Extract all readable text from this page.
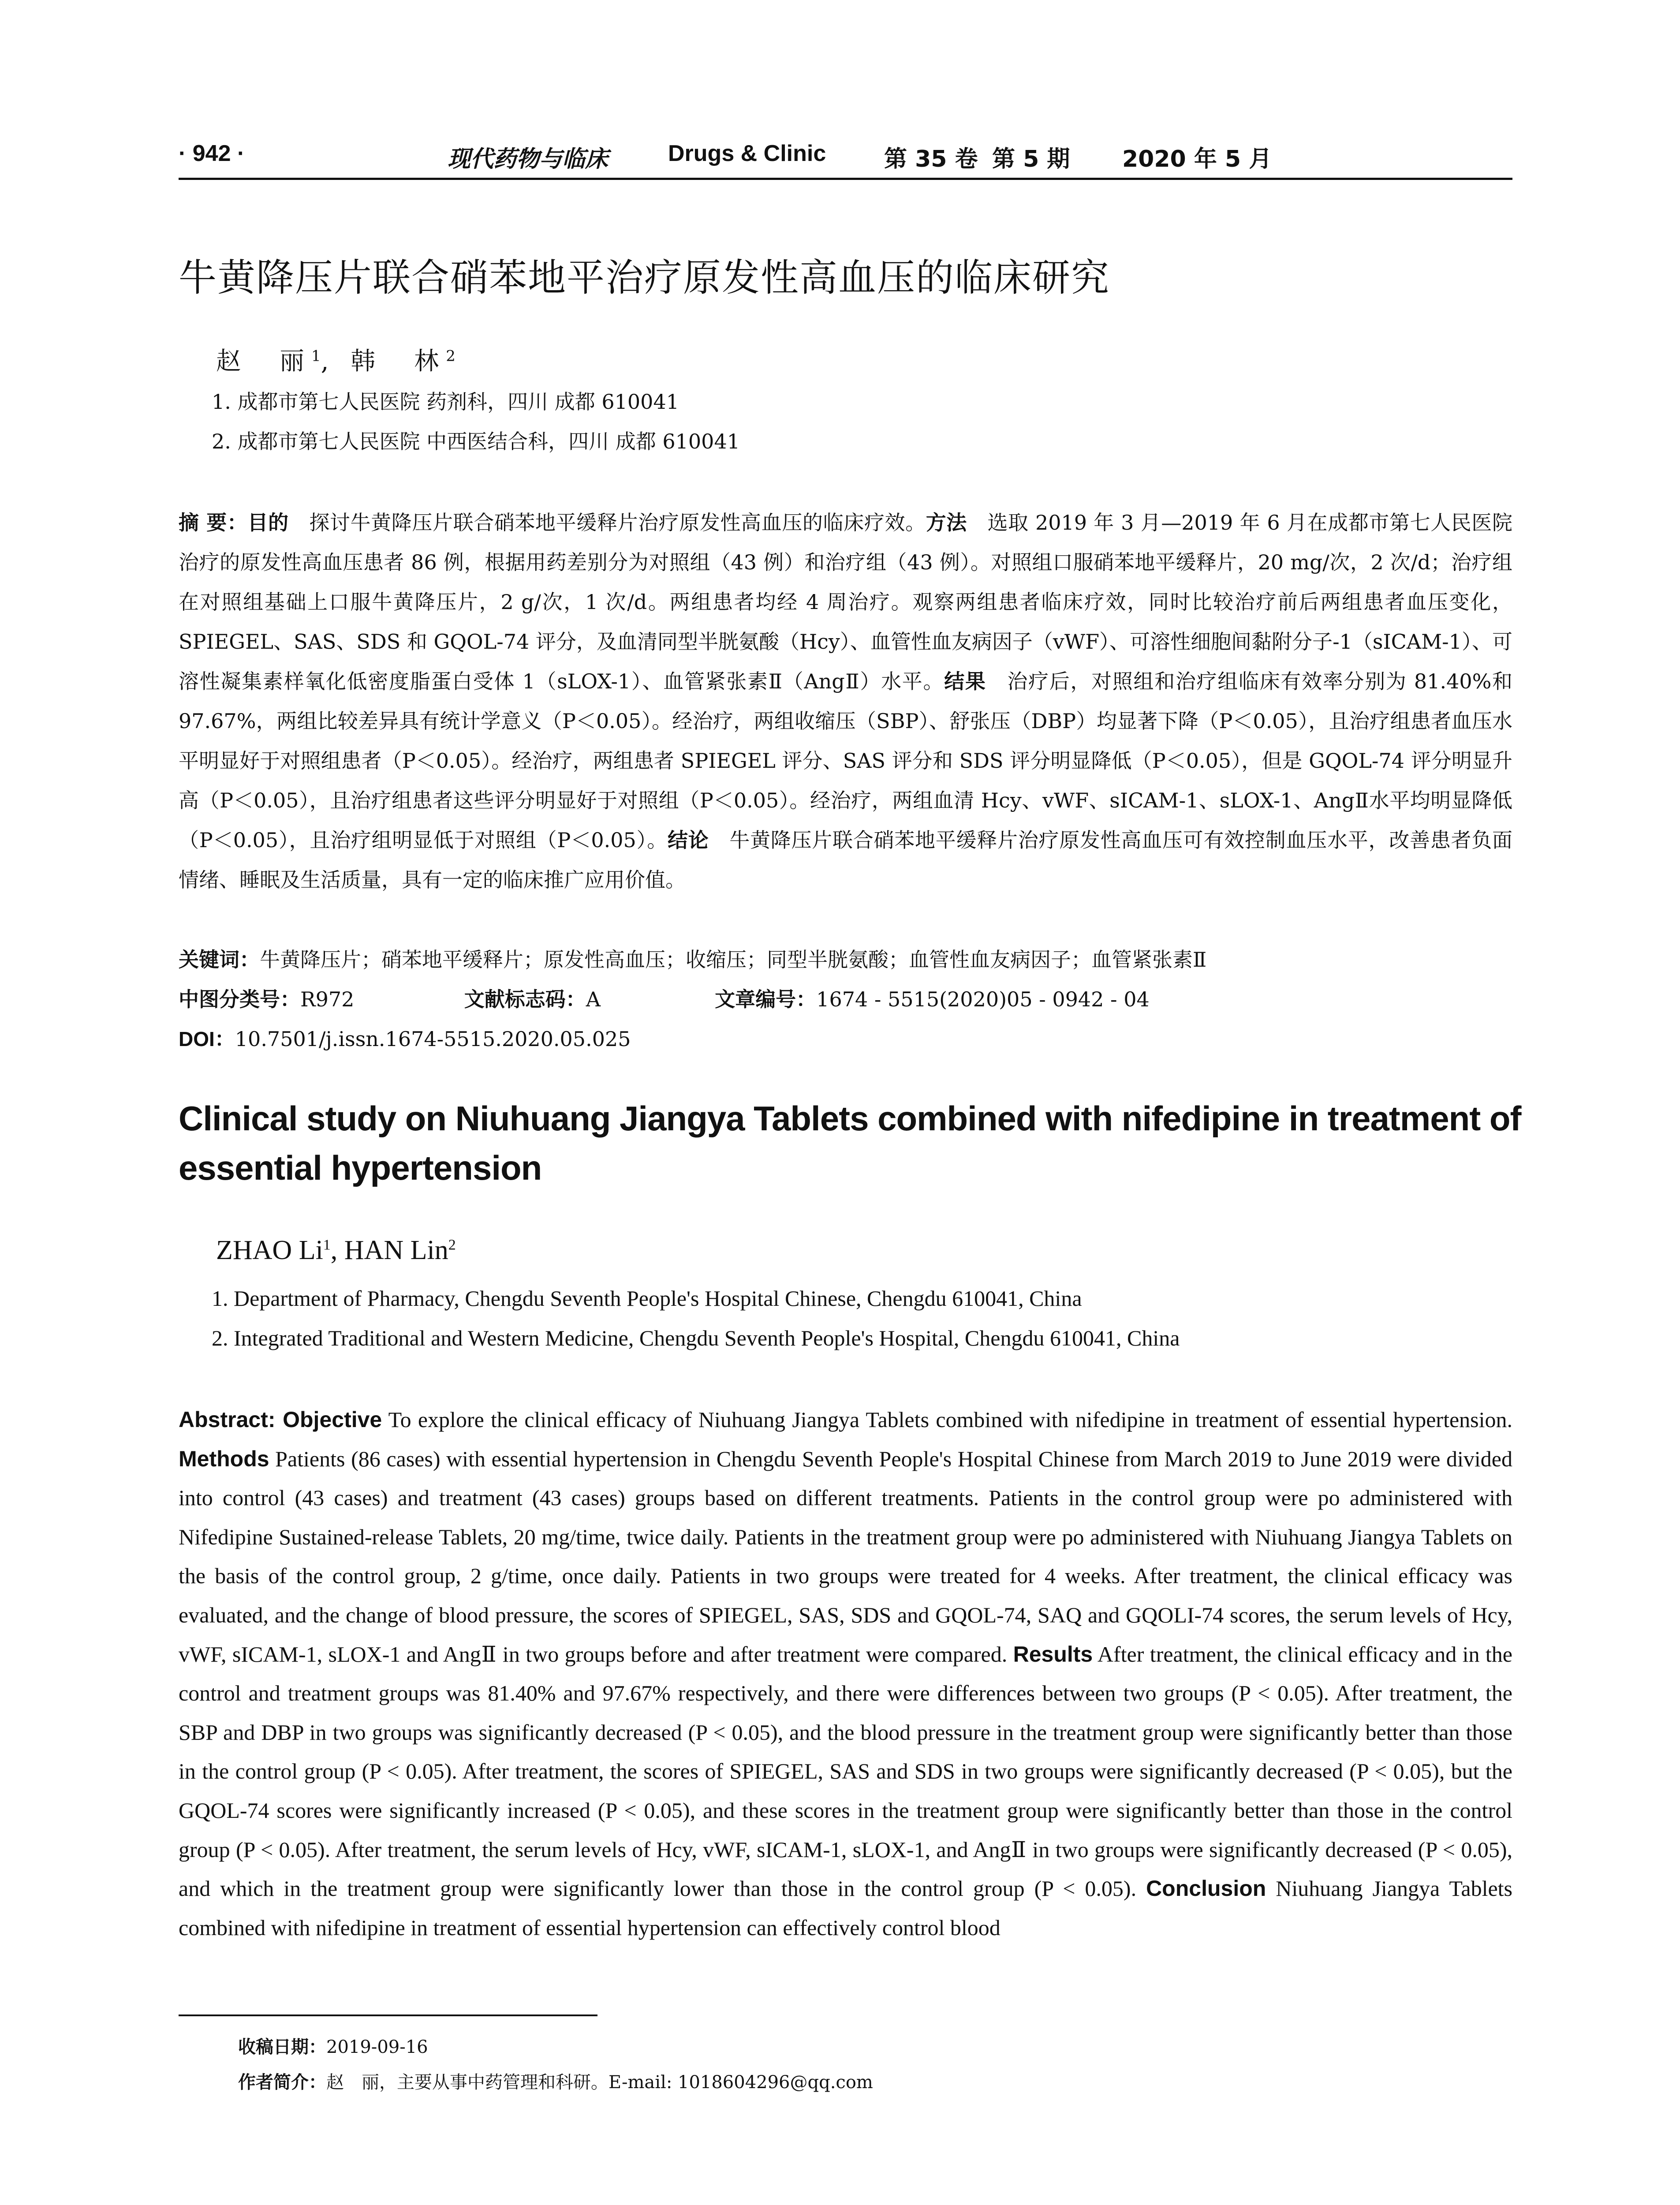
· 942 ·	现代药物与临床	Drugs & Clinic	第 35 卷 第 5 期 2020 年 5 月
牛黄降压片联合硝苯地平治疗原发性高血压的临床研究
赵　丽$^1$, 韩　林$^2$
1. 成都市第七人民医院 药剂科，四川 成都 610041
2. 成都市第七人民医院 中西医结合科，四川 成都 610041
摘 要：目的　探讨牛黄降压片联合硝苯地平缓释片治疗原发性高血压的临床疗效。方法　选取 2019 年 3 月—2019 年 6 月在成都市第七人民医院治疗的原发性高血压患者 86 例，根据用药差别分为对照组（43 例）和治疗组（43 例）。对照组口服硝苯地平缓释片，20 mg/次，2 次/d；治疗组在对照组基础上口服牛黄降压片，2 g/次，1 次/d。两组患者均经 4 周治疗。观察两组患者临床疗效，同时比较治疗前后两组患者血压变化，SPIEGEL、SAS、SDS 和 GQOL-74 评分，及血清同型半胱氨酸（Hcy）、血管性血友病因子（vWF）、可溶性细胞间黏附分子-1（sICAM-1）、可溶性凝集素样氧化低密度脂蛋白受体 1（sLOX-1）、血管紧张素Ⅱ（AngⅡ）水平。结果　治疗后，对照组和治疗组临床有效率分别为 81.40%和 97.67%，两组比较差异具有统计学意义（P＜0.05）。经治疗，两组收缩压（SBP）、舒张压（DBP）均显著下降（P＜0.05），且治疗组患者血压水平明显好于对照组患者（P＜0.05）。经治疗，两组患者 SPIEGEL 评分、SAS 评分和 SDS 评分明显降低（P＜0.05），但是 GQOL-74 评分明显升高（P＜0.05），且治疗组患者这些评分明显好于对照组（P＜0.05）。经治疗，两组血清 Hcy、vWF、sICAM-1、sLOX-1、AngⅡ水平均明显降低（P＜0.05），且治疗组明显低于对照组（P＜0.05）。结论　牛黄降压片联合硝苯地平缓释片治疗原发性高血压可有效控制血压水平，改善患者负面情绪、睡眠及生活质量，具有一定的临床推广应用价值。
关键词：牛黄降压片；硝苯地平缓释片；原发性高血压；收缩压；同型半胱氨酸；血管性血友病因子；血管紧张素Ⅱ
中图分类号：R972	文献标志码：A	文章编号：1674 - 5515(2020)05 - 0942 - 04
DOI：10.7501/j.issn.1674-5515.2020.05.025
Clinical study on Niuhuang Jiangya Tablets combined with nifedipine in treatment of essential hypertension
ZHAO Li$^1$, HAN Lin$^2$
1. Department of Pharmacy, Chengdu Seventh People's Hospital Chinese, Chengdu 610041, China
2. Integrated Traditional and Western Medicine, Chengdu Seventh People's Hospital, Chengdu 610041, China
Abstract: Objective To explore the clinical efficacy of Niuhuang Jiangya Tablets combined with nifedipine in treatment of essential hypertension. Methods Patients (86 cases) with essential hypertension in Chengdu Seventh People's Hospital Chinese from March 2019 to June 2019 were divided into control (43 cases) and treatment (43 cases) groups based on different treatments. Patients in the control group were po administered with Nifedipine Sustained-release Tablets, 20 mg/time, twice daily. Patients in the treatment group were po administered with Niuhuang Jiangya Tablets on the basis of the control group, 2 g/time, once daily. Patients in two groups were treated for 4 weeks. After treatment, the clinical efficacy was evaluated, and the change of blood pressure, the scores of SPIEGEL, SAS, SDS and GQOL-74, SAQ and GQOLI-74 scores, the serum levels of Hcy, vWF, sICAM-1, sLOX-1 and AngⅡ in two groups before and after treatment were compared. Results After treatment, the clinical efficacy and in the control and treatment groups was 81.40% and 97.67% respectively, and there were differences between two groups (P < 0.05). After treatment, the SBP and DBP in two groups was significantly decreased (P < 0.05), and the blood pressure in the treatment group were significantly better than those in the control group (P < 0.05). After treatment, the scores of SPIEGEL, SAS and SDS in two groups were significantly decreased (P < 0.05), but the GQOL-74 scores were significantly increased (P < 0.05), and these scores in the treatment group were significantly better than those in the control group (P < 0.05). After treatment, the serum levels of Hcy, vWF, sICAM-1, sLOX-1, and AngⅡ in two groups were significantly decreased (P < 0.05), and which in the treatment group were significantly lower than those in the control group (P < 0.05). Conclusion Niuhuang Jiangya Tablets combined with nifedipine in treatment of essential hypertension can effectively control blood
收稿日期：2019-09-16
作者简介：赵　丽，主要从事中药管理和科研。E-mail: 1018604296@qq.com
